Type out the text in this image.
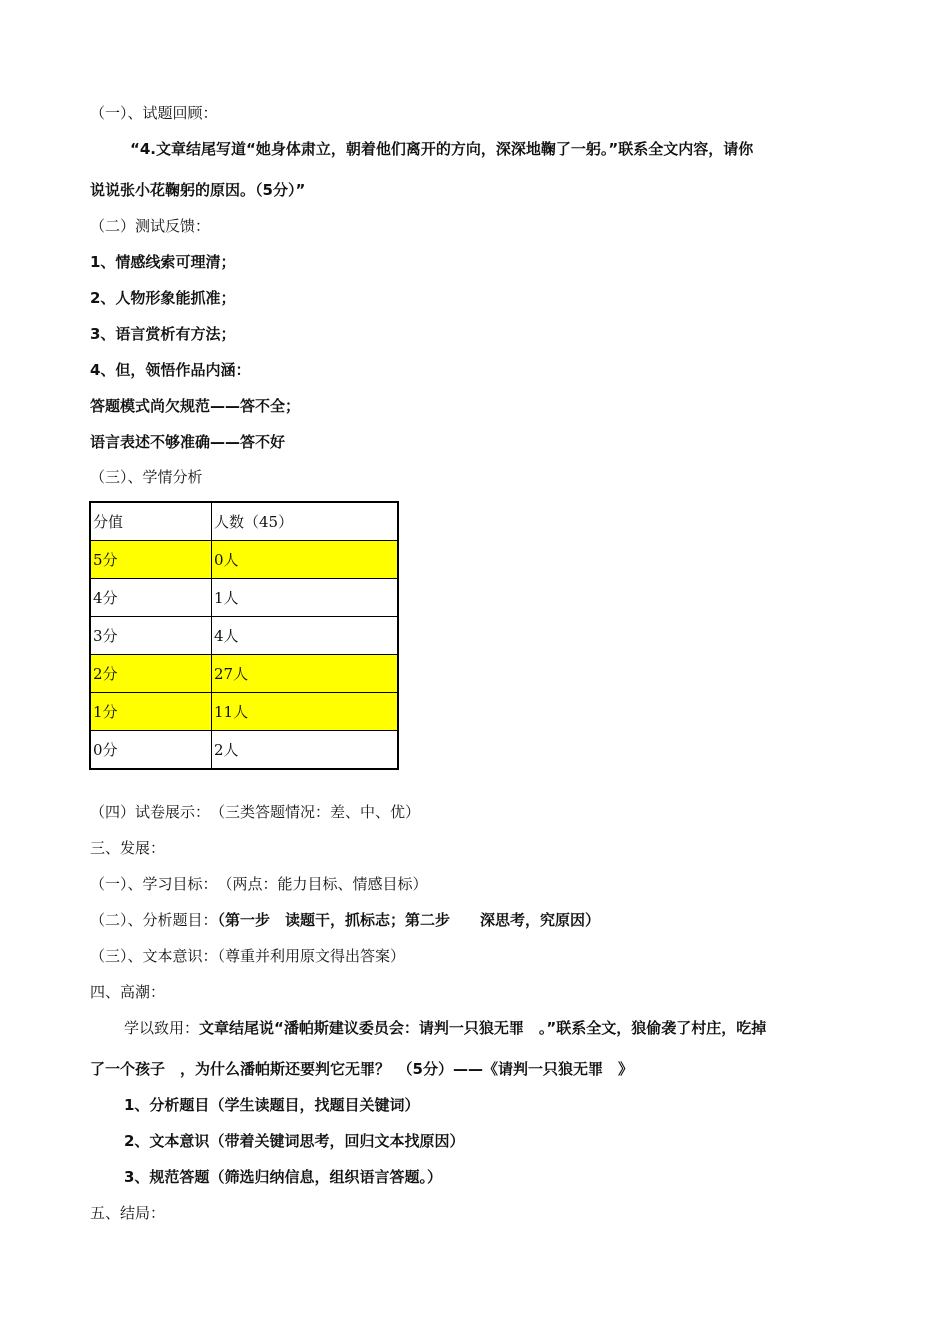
（一）、试题回顾：
“4.文章结尾写道“她身体肃立，朝着他们离开的方向，深深地鞠了一躬。”联系全文内容，请你
说说张小花鞠躬的原因。（5分）”
（二）测试反馈：
1、情感线索可理清；
2、人物形象能抓准；
3、语言赏析有方法；
4、但，领悟作品内涵：
答题模式尚欠规范——答不全；
语言表述不够准确——答不好
（三）、学情分析
分值	人数（45）
5分	0人
4分	1人
3分	4人
2分	27人
1分	11人
0分	2人
（四）试卷展示：　（三类答题情况：差、中、优）
三、发展：
（一）、学习目标：　（两点：能力目标、情感目标）
（二）、分析题目：（第一步　读题干，抓标志；第二步　　深思考，究原因）
（三）、文本意识：（尊重并利用原文得出答案）
四、高潮：
学以致用：文章结尾说“潘帕斯建议委员会：请判一只狼无罪　。”联系全文，狼偷袭了村庄，吃掉
了一个孩子　，为什么潘帕斯还要判它无罪？　（5分）——《请判一只狼无罪　》
1、分析题目（学生读题目，找题目关键词）
2、文本意识（带着关键词思考，回归文本找原因）
3、规范答题（筛选归纳信息，组织语言答题。）
五、结局：
